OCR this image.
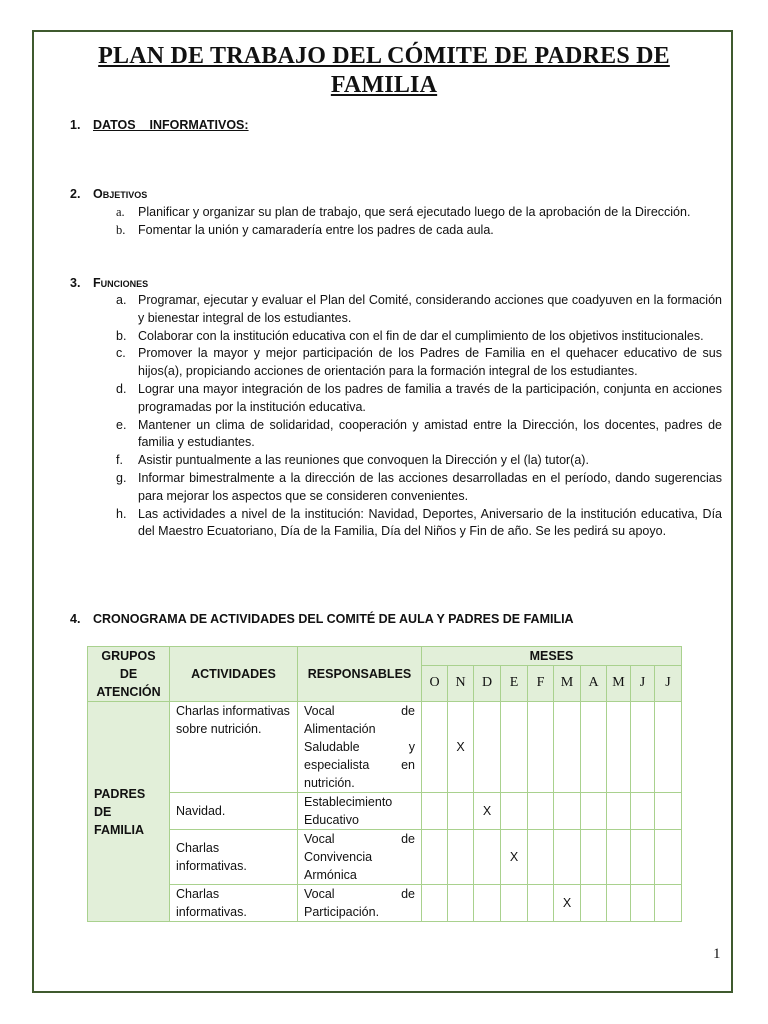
PLAN DE TRABAJO DEL CÓMITE DE PADRES DE FAMILIA
1. DATOS    INFORMATIVOS:
2. Objetivos
a. Planificar y organizar su plan de trabajo, que será ejecutado luego de la aprobación de la Dirección.
b. Fomentar la unión y camaradería entre los padres de cada aula.
3. Funciones
a. Programar, ejecutar y evaluar el Plan del Comité, considerando acciones que coadyuven en la formación y bienestar integral de los estudiantes.
b. Colaborar con la institución educativa con el fin de dar el cumplimiento de los objetivos institucionales.
c. Promover la mayor y mejor participación de los Padres de Familia en el quehacer educativo de sus hijos(a), propiciando acciones de orientación para la formación integral de los estudiantes.
d. Lograr una mayor integración de los padres de familia a través de la participación, conjunta en acciones programadas por la institución educativa.
e. Mantener un clima de solidaridad, cooperación y amistad entre la Dirección, los docentes, padres de familia y estudiantes.
f. Asistir puntualmente a las reuniones que convoquen la Dirección y el (la) tutor(a).
g. Informar bimestralmente a la dirección de las acciones desarrolladas en el período, dando sugerencias para mejorar los aspectos que se consideren convenientes.
h. Las actividades a nivel de la institución: Navidad, Deportes, Aniversario de la institución educativa, Día del Maestro Ecuatoriano, Día de la Familia, Día del Niños y Fin de año. Se les pedirá su apoyo.
4. CRONOGRAMA DE ACTIVIDADES DEL COMITÉ DE AULA Y PADRES DE FAMILIA
GRUPOS DE ATENCIÓN	ACTIVIDADES	RESPONSABLES	MESES									
			O	N	D	E	F	M	A	M	J	J
PADRES DE FAMILIA	Charlas informativas sobre nutrición.	Vocal de Alimentación Saludable y especialista en nutrición.		X								
	Navidad.	Establecimiento Educativo			X							
	Charlas informativas.	Vocal de Convivencia Armónica				X						
	Charlas informativas.	Vocal de Participación.						X				
1
